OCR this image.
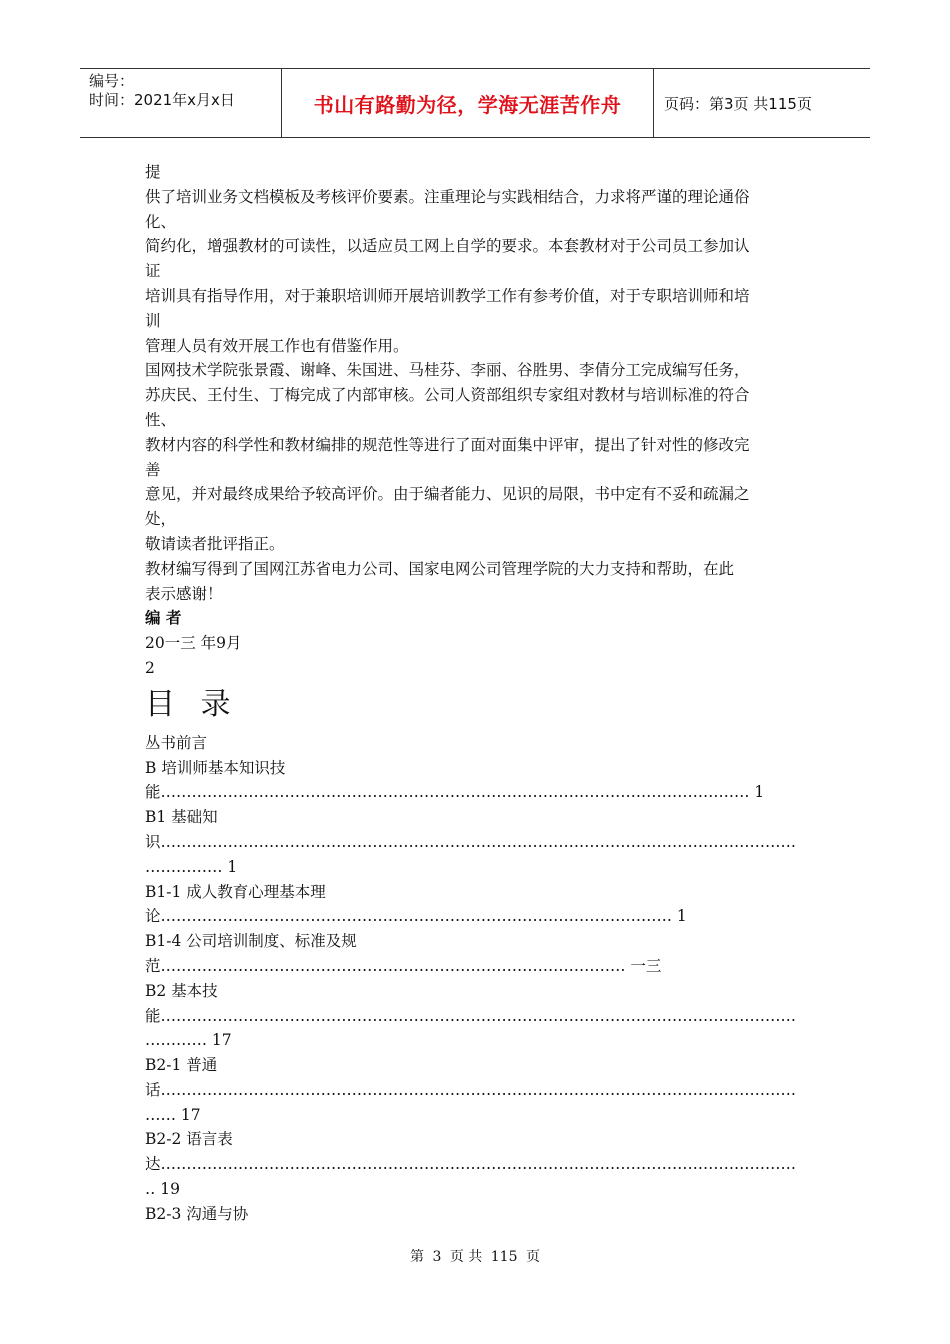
编号：
时间：2021年x月x日	书山有路勤为径，学海无涯苦作舟	页码：第3页 共115页
提
供了培训业务文档模板及考核评价要素。注重理论与实践相结合，力求将严谨的理论通俗
化、
简约化，增强教材的可读性，以适应员工网上自学的要求。本套教材对于公司员工参加认
证
培训具有指导作用，对于兼职培训师开展培训教学工作有参考价值，对于专职培训师和培
训
管理人员有效开展工作也有借鉴作用。
国网技术学院张景霞、谢峰、朱国进、马桂芬、李丽、谷胜男、李倩分工完成编写任务，
苏庆民、王付生、丁梅完成了内部审核。公司人资部组织专家组对教材与培训标准的符合
性、
教材内容的科学性和教材编排的规范性等进行了面对面集中评审，提出了针对性的修改完
善
意见，并对最终成果给予较高评价。由于编者能力、见识的局限，书中定有不妥和疏漏之
处，
敬请读者批评指正。
教材编写得到了国网江苏省电力公司、国家电网公司管理学院的大力支持和帮助，在此
表示感谢！
编 者
20一三 年9月
2
目 录
丛书前言
B 培训师基本知识技
能…………………………………………………………………………………………………… 1
B1 基础知
识……………………………………………………………………………………………………………
…………… 1
B1-1 成人教育心理基本理
论……………………………………………………………………………………… 1
B1-4 公司培训制度、标准及规
范……………………………………………………………………………… 一三
B2 基本技
能……………………………………………………………………………………………………………
………… 17
B2-1 普通
话……………………………………………………………………………………………………………
…… 17
B2-2 语言表
达……………………………………………………………………………………………………………
‥ 19
B2-3 沟通与协
第 3 页 共 115 页
